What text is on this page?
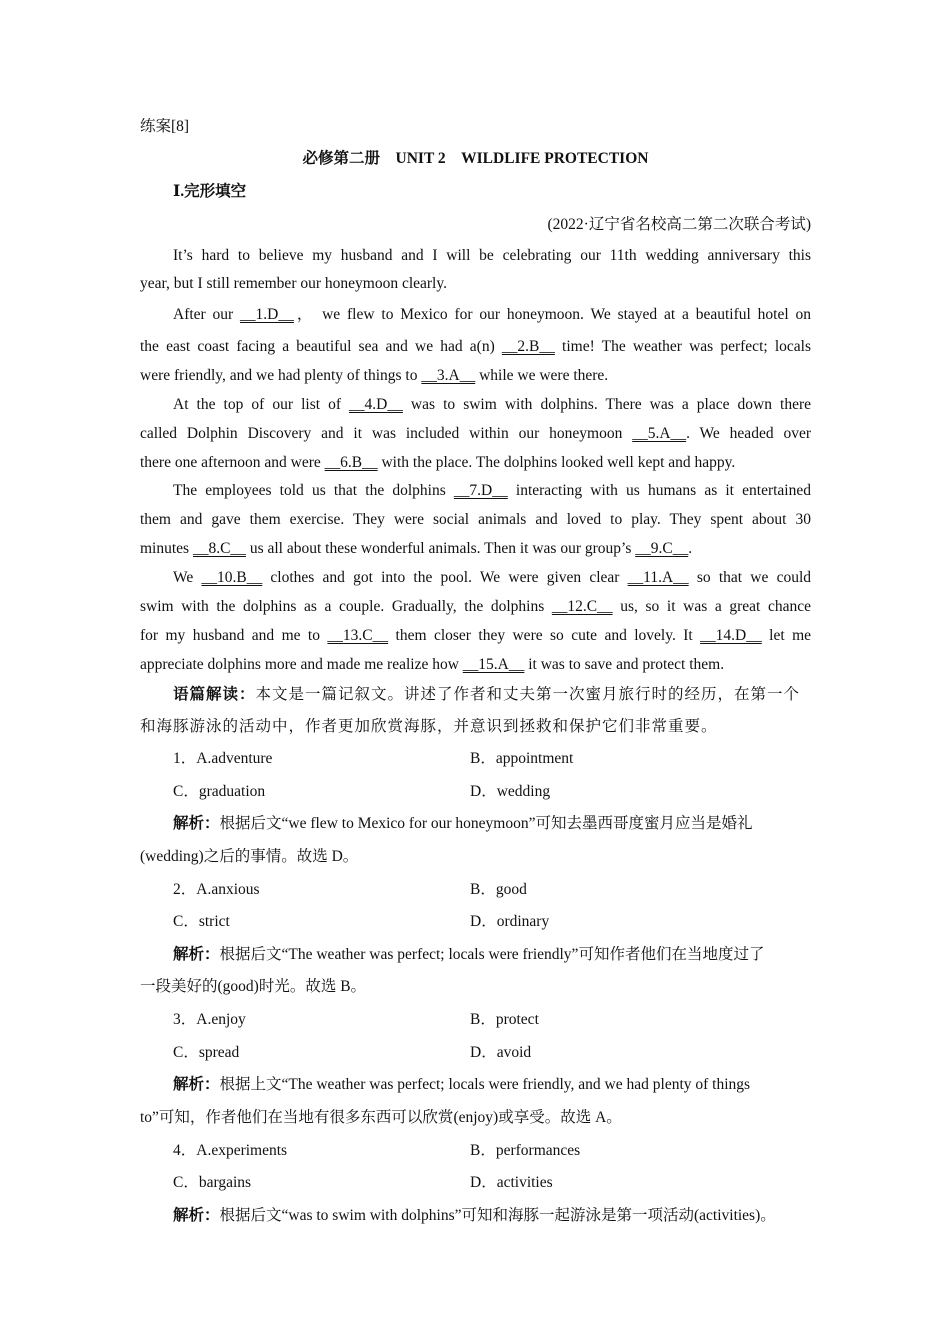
练案[8]
必修第二册　UNIT 2　WILDLIFE PROTECTION
Ⅰ.完形填空
(2022·辽宁省名校高二第二次联合考试)
It’s hard to believe my husband and I will be celebrating our 11th wedding anniversary this
year, but I still remember our honeymoon clearly.
After our __1.D__， we flew to Mexico for our honeymoon. We stayed at a beautiful hotel on
the east coast facing a beautiful sea and we had a(n) __2.B__ time! The weather was perfect; locals
were friendly, and we had plenty of things to __3.A__ while we were there.
At the top of our list of __4.D__ was to swim with dolphins. There was a place down there
called Dolphin Discovery and it was included within our honeymoon __5.A__. We headed over
there one afternoon and were __6.B__ with the place. The dolphins looked well kept and happy.
The employees told us that the dolphins __7.D__ interacting with us humans as it entertained
them and gave them exercise. They were social animals and loved to play. They spent about 30
minutes __8.C__ us all about these wonderful animals. Then it was our group’s __9.C__.
We __10.B__ clothes and got into the pool. We were given clear __11.A__ so that we could
swim with the dolphins as a couple. Gradually, the dolphins __12.C__ us, so it was a great chance
for my husband and me to __13.C__ them closer they were so cute and lovely. It __14.D__ let me
appreciate dolphins more and made me realize how __15.A__ it was to save and protect them.
语篇解读：本文是一篇记叙文。讲述了作者和丈夫第一次蜜月旅行时的经历，在第一个
和海豚游泳的活动中，作者更加欣赏海豚，并意识到拯救和保护它们非常重要。
1．A.adventure	B．appointment
C．graduation	D．wedding
解析：根据后文“we flew to Mexico for our honeymoon”可知去墨西哥度蜜月应当是婚礼
(wedding)之后的事情。故选 D。
2．A.anxious	B．good
C．strict	D．ordinary
解析：根据后文“The weather was perfect; locals were friendly”可知作者他们在当地度过了
一段美好的(good)时光。故选 B。
3．A.enjoy	B．protect
C．spread	D．avoid
解析：根据上文“The weather was perfect; locals were friendly, and we had plenty of things
to”可知，作者他们在当地有很多东西可以欣赏(enjoy)或享受。故选 A。
4．A.experiments	B．performances
C．bargains	D．activities
解析：根据后文“was to swim with dolphins”可知和海豚一起游泳是第一项活动(activities)。
